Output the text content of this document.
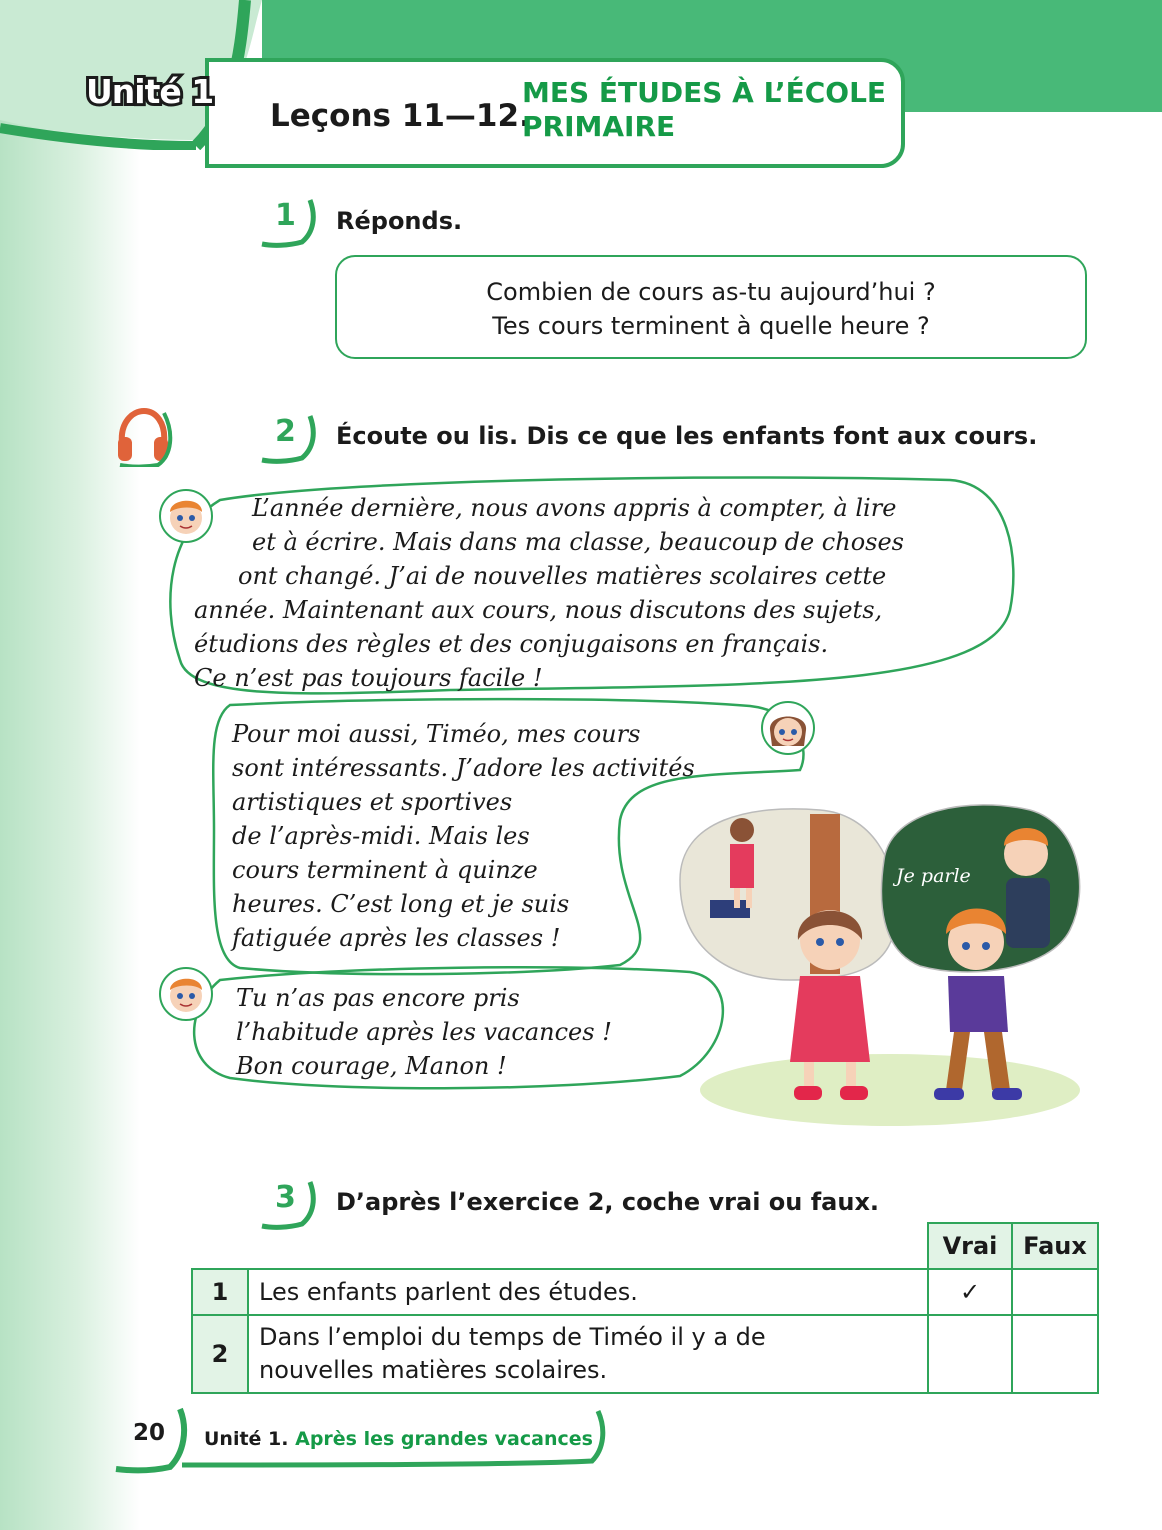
Leçons 11—12.
MES ÉTUDES À L’ÉCOLE
PRIMAIRE
Unité 1
1 Réponds.
Combien de cours as-tu aujourd’hui ?
Tes cours terminent à quelle heure ?
2 Écoute ou lis. Dis ce que les enfants font aux cours.
L’année dernière, nous avons appris à compter, à lire
et à écrire. Mais dans ma classe, beaucoup de choses
ont changé. J’ai de nouvelles matières scolaires cette
année. Maintenant aux cours, nous discutons des sujets,
étudions des règles et des conjugaisons en français.
Ce n’est pas toujours facile !
Pour moi aussi, Timéo, mes cours
sont intéressants. J’adore les activités
artistiques et sportives
de l’après-midi. Mais les
cours terminent à quinze
heures. C’est long et je suis
fatiguée après les classes !
Tu n’as pas encore pris
l’habitude après les vacances !
Bon courage, Manon !
Je parle
3 D’après l’exercice 2, coche vrai ou faux.
		Vrai	Faux
1	Les enfants parlent des études.	✓	
2	Dans l’emploi du temps de Timéo il y a de
nouvelles matières scolaires.		

20 Unité 1. Après les grandes vacances
